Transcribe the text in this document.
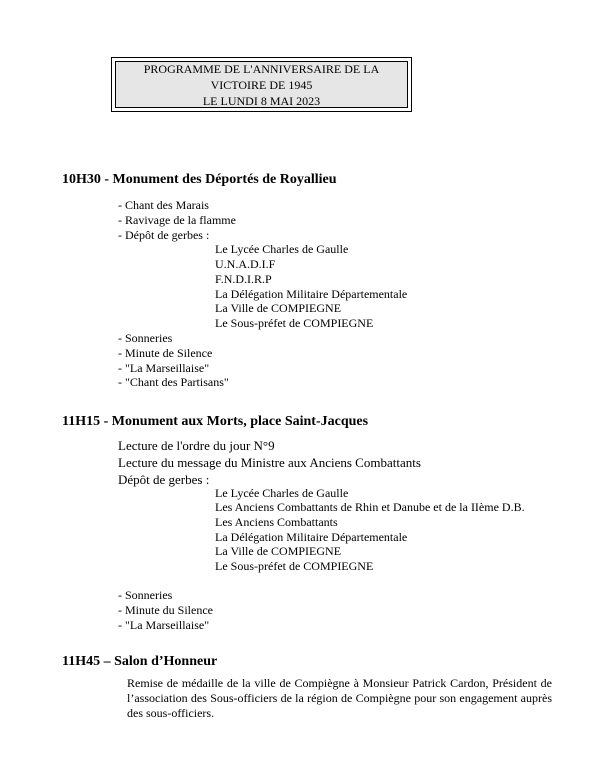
PROGRAMME DE L'ANNIVERSAIRE DE LA
VICTOIRE DE 1945
LE LUNDI 8 MAI 2023
10H30 - Monument des Déportés de Royallieu
- Chant des Marais
- Ravivage de la flamme
- Dépôt de gerbes :
Le Lycée Charles de Gaulle
U.N.A.D.I.F
F.N.D.I.R.P
La Délégation Militaire Départementale
La Ville de COMPIEGNE
Le Sous-préfet de COMPIEGNE
- Sonneries
- Minute de Silence
- "La Marseillaise"
- "Chant des Partisans"
11H15 - Monument aux Morts, place Saint-Jacques
Lecture de l'ordre du jour N°9
Lecture du message du Ministre aux Anciens Combattants
Dépôt de gerbes :
Le Lycée Charles de Gaulle
Les Anciens Combattants de Rhin et Danube et de la IIème D.B.
Les Anciens Combattants
La Délégation Militaire Départementale
La Ville de COMPIEGNE
Le Sous-préfet de COMPIEGNE
- Sonneries
- Minute du Silence
- "La Marseillaise"
11H45 – Salon d’Honneur
Remise de médaille de la ville de Compiègne à Monsieur Patrick Cardon, Président de l’association des Sous-officiers de la région de Compiègne pour son engagement auprès des sous-officiers.
